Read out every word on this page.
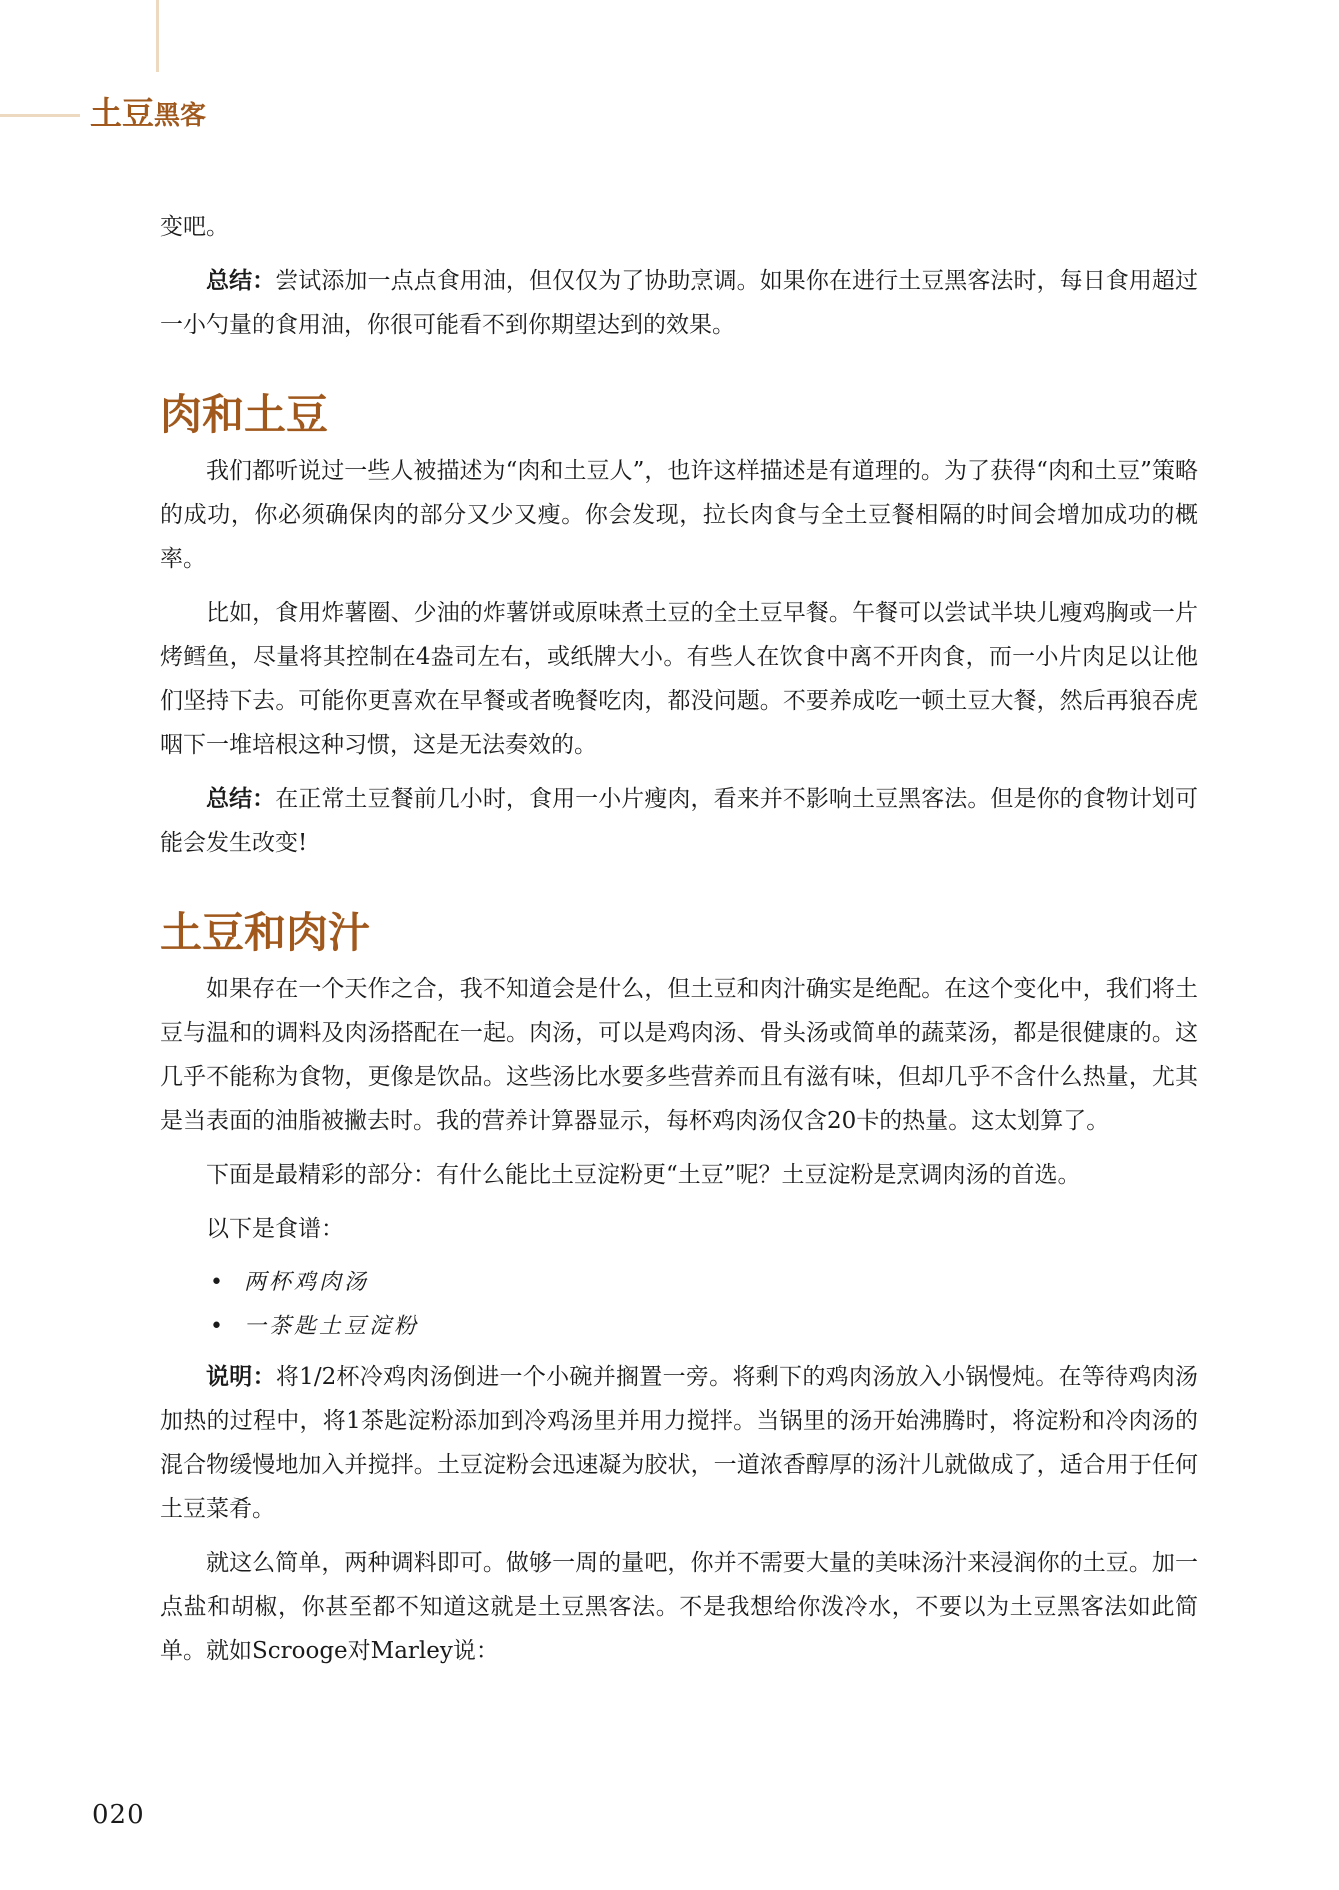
土豆黑客

变吧。

总结：尝试添加一点点食用油，但仅仅为了协助烹调。如果你在进行土豆黑客法时，每日食用超过一小勺量的食用油，你很可能看不到你期望达到的效果。

肉和土豆

我们都听说过一些人被描述为“肉和土豆人”，也许这样描述是有道理的。为了获得“肉和土豆”策略的成功，你必须确保肉的部分又少又瘦。你会发现，拉长肉食与全土豆餐相隔的时间会增加成功的概率。

比如，食用炸薯圈、少油的炸薯饼或原味煮土豆的全土豆早餐。午餐可以尝试半块儿瘦鸡胸或一片烤鳕鱼，尽量将其控制在4盎司左右，或纸牌大小。有些人在饮食中离不开肉食，而一小片肉足以让他们坚持下去。可能你更喜欢在早餐或者晚餐吃肉，都没问题。不要养成吃一顿土豆大餐，然后再狼吞虎咽下一堆培根这种习惯，这是无法奏效的。

总结：在正常土豆餐前几小时，食用一小片瘦肉，看来并不影响土豆黑客法。但是你的食物计划可能会发生改变!

土豆和肉汁

如果存在一个天作之合，我不知道会是什么，但土豆和肉汁确实是绝配。在这个变化中，我们将土豆与温和的调料及肉汤搭配在一起。肉汤，可以是鸡肉汤、骨头汤或简单的蔬菜汤，都是很健康的。这几乎不能称为食物，更像是饮品。这些汤比水要多些营养而且有滋有味，但却几乎不含什么热量，尤其是当表面的油脂被撇去时。我的营养计算器显示，每杯鸡肉汤仅含20卡的热量。这太划算了。

下面是最精彩的部分：有什么能比土豆淀粉更“土豆”呢？土豆淀粉是烹调肉汤的首选。

以下是食谱：

• 两杯鸡肉汤
• 一茶匙土豆淀粉

说明：将1/2杯冷鸡肉汤倒进一个小碗并搁置一旁。将剩下的鸡肉汤放入小锅慢炖。在等待鸡肉汤加热的过程中，将1茶匙淀粉添加到冷鸡汤里并用力搅拌。当锅里的汤开始沸腾时，将淀粉和冷肉汤的混合物缓慢地加入并搅拌。土豆淀粉会迅速凝为胶状，一道浓香醇厚的汤汁儿就做成了，适合用于任何土豆菜肴。

就这么简单，两种调料即可。做够一周的量吧，你并不需要大量的美味汤汁来浸润你的土豆。加一点盐和胡椒，你甚至都不知道这就是土豆黑客法。不是我想给你泼冷水，不要以为土豆黑客法如此简单。就如Scrooge对Marley说：

020
